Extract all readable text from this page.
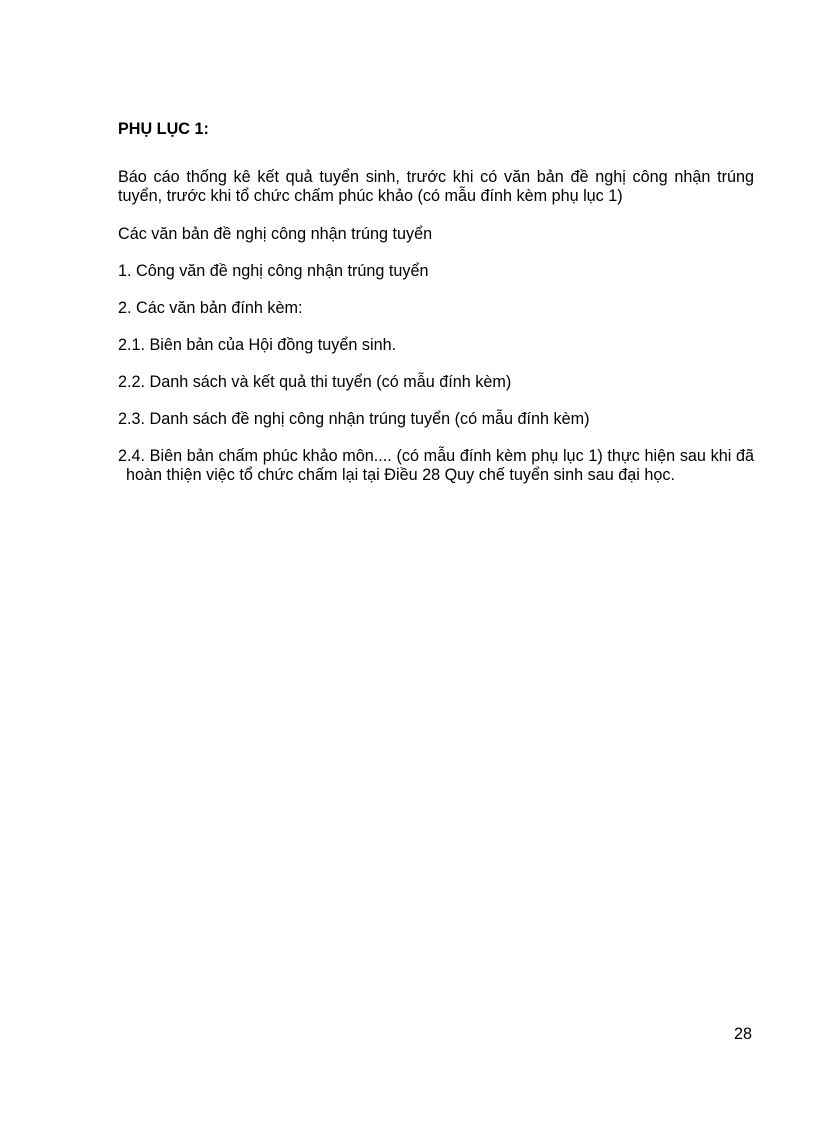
PHỤ LỤC 1:

Báo cáo thống kê kết quả tuyển sinh, trước khi có văn bản đề nghị công nhận trúng tuyển, trước khi tổ chức chấm phúc khảo (có mẫu đính kèm phụ lục 1)

Các văn bản đề nghị công nhận trúng tuyển

1. Công văn đề nghị công nhận trúng tuyển

2. Các văn bản đính kèm:

2.1. Biên bản của Hội đồng tuyển sinh.

2.2. Danh sách và kết quả thi tuyển (có mẫu đính kèm)

2.3. Danh sách đề nghị công nhận trúng tuyển (có mẫu đính kèm)

2.4. Biên bản chấm phúc khảo môn.... (có mẫu đính kèm phụ lục 1) thực hiện sau khi đã hoàn thiện việc tổ chức chấm lại tại Điều 28 Quy chế tuyển sinh sau đại học.

28
